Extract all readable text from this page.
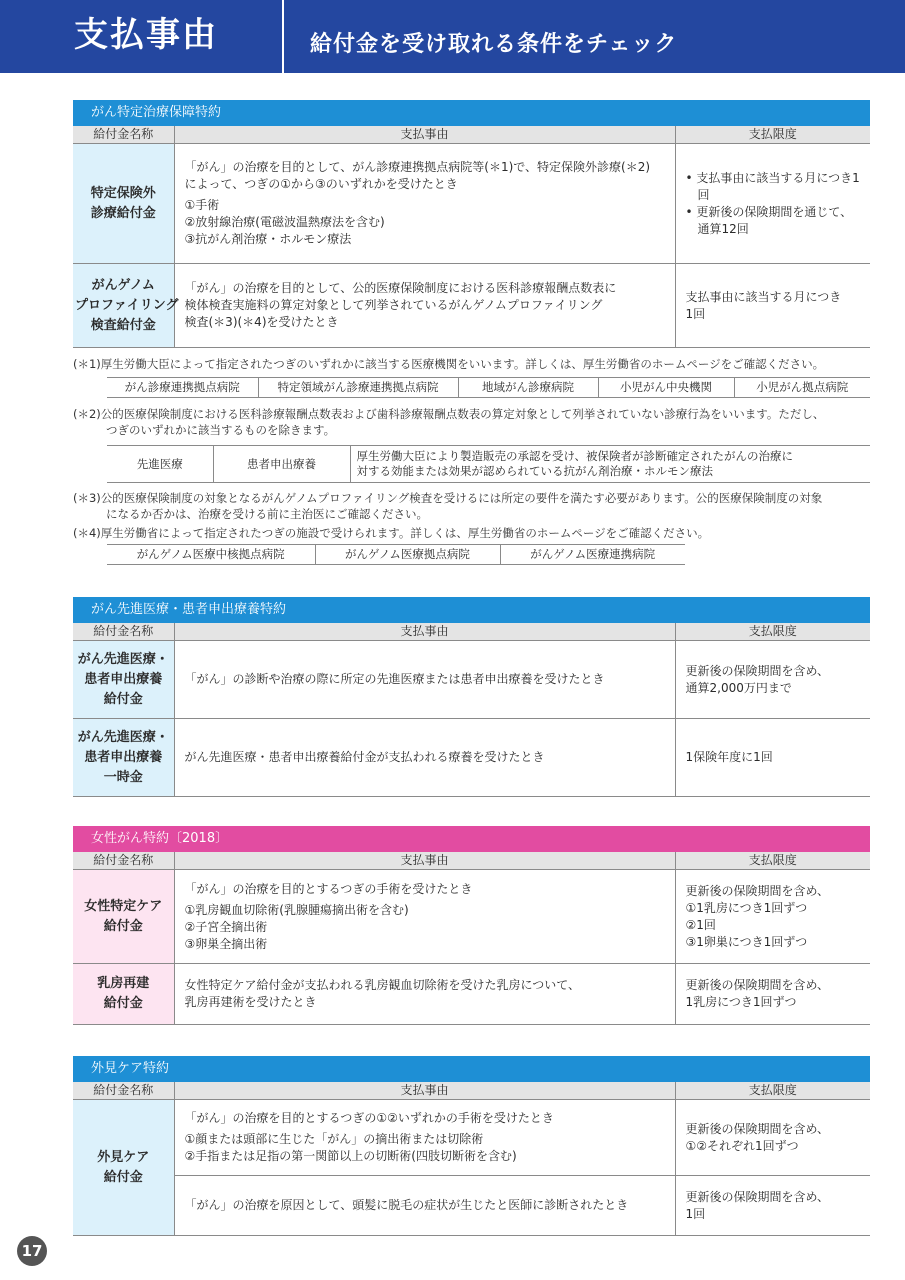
支払事由	給付金を受け取れる条件をチェック
がん特定治療保障特約
給付金名称	支払事由	支払限度

特定保険外
診療給付金	「がん」の治療を目的として、がん診療連携拠点病院等(＊1)で、特定保険外診療(＊2)
によって、つぎの①から③のいずれかを受けたとき
①手術
②放射線治療(電磁波温熱療法を含む)
③抗がん剤治療・ホルモン療法	• 支払事由に該当する月につき1回
• 更新後の保険期間を通じて、通算12回

がんゲノム
プロファイリング
検査給付金	「がん」の治療を目的として、公的医療保険制度における医科診療報酬点数表に
検体検査実施料の算定対象として列挙されているがんゲノムプロファイリング
検査(＊3)(＊4)を受けたとき	支払事由に該当する月につき
1回
(＊1)厚生労働大臣によって指定されたつぎのいずれかに該当する医療機関をいいます。詳しくは、厚生労働省のホームページをご確認ください。
がん診療連携拠点病院	特定領域がん診療連携拠点病院	地域がん診療病院	小児がん中央機関	小児がん拠点病院
(＊2)公的医療保険制度における医科診療報酬点数表および歯科診療報酬点数表の算定対象として列挙されていない診療行為をいいます。ただし、
つぎのいずれかに該当するものを除きます。
先進医療	患者申出療養	
厚生労働大臣により製造販売の承認を受け、被保険者が診断確定されたがんの治療に
対する効能または効果が認められている抗がん剤治療・ホルモン療法
(＊3)公的医療保険制度の対象となるがんゲノムプロファイリング検査を受けるには所定の要件を満たす必要があります。公的医療保険制度の対象
になるか否かは、治療を受ける前に主治医にご確認ください。
(＊4)厚生労働省によって指定されたつぎの施設で受けられます。詳しくは、厚生労働省のホームページをご確認ください。
がんゲノム医療中核拠点病院	がんゲノム医療拠点病院	がんゲノム医療連携病院
がん先進医療・患者申出療養特約
給付金名称	支払事由	支払限度

がん先進医療・
患者申出療養
給付金	「がん」の診断や治療の際に所定の先進医療または患者申出療養を受けたとき	更新後の保険期間を含め、
通算2,000万円まで

がん先進医療・
患者申出療養
一時金	がん先進医療・患者申出療養給付金が支払われる療養を受けたとき	1保険年度に1回
女性がん特約〔2018〕
給付金名称	支払事由	支払限度

女性特定ケア
給付金	「がん」の治療を目的とするつぎの手術を受けたとき
①乳房観血切除術(乳腺腫瘍摘出術を含む)
②子宮全摘出術
③卵巣全摘出術	更新後の保険期間を含め、
①1乳房につき1回ずつ
②1回
③1卵巣につき1回ずつ

乳房再建
給付金	女性特定ケア給付金が支払われる乳房観血切除術を受けた乳房について、
乳房再建術を受けたとき	更新後の保険期間を含め、
1乳房につき1回ずつ
外見ケア特約
給付金名称	支払事由	支払限度

外見ケア
給付金	「がん」の治療を目的とするつぎの①②いずれかの手術を受けたとき
①顔または頭部に生じた「がん」の摘出術または切除術
②手指または足指の第一関節以上の切断術(四肢切断術を含む)	更新後の保険期間を含め、
①②それぞれ1回ずつ

	「がん」の治療を原因として、頭髪に脱毛の症状が生じたと医師に診断されたとき	更新後の保険期間を含め、
1回
17
